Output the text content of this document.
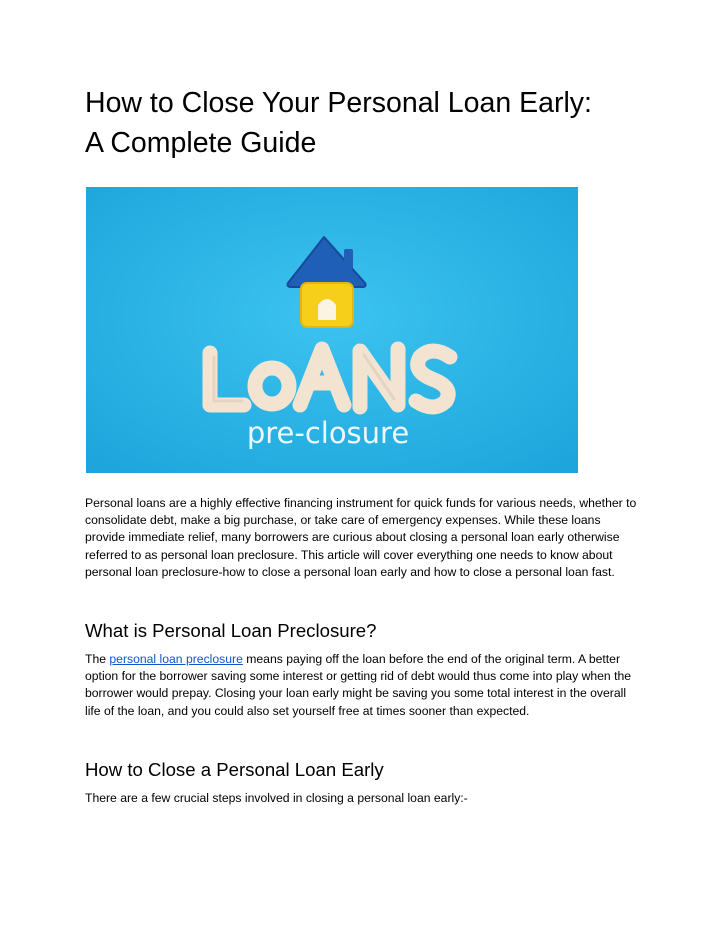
How to Close Your Personal Loan Early:
A Complete Guide
pre-closure

Personal loans are a highly effective financing instrument for quick funds for various needs, whether to consolidate debt, make a big purchase, or take care of emergency expenses. While these loans provide immediate relief, many borrowers are curious about closing a personal loan early otherwise referred to as personal loan preclosure. This article will cover everything one needs to know about personal loan preclosure-how to close a personal loan early and how to close a personal loan fast.

What is Personal Loan Preclosure?

The personal loan preclosure means paying off the loan before the end of the original term. A better option for the borrower saving some interest or getting rid of debt would thus come into play when the borrower would prepay. Closing your loan early might be saving you some total interest in the overall life of the loan, and you could also set yourself free at times sooner than expected.

How to Close a Personal Loan Early

There are a few crucial steps involved in closing a personal loan early:-
